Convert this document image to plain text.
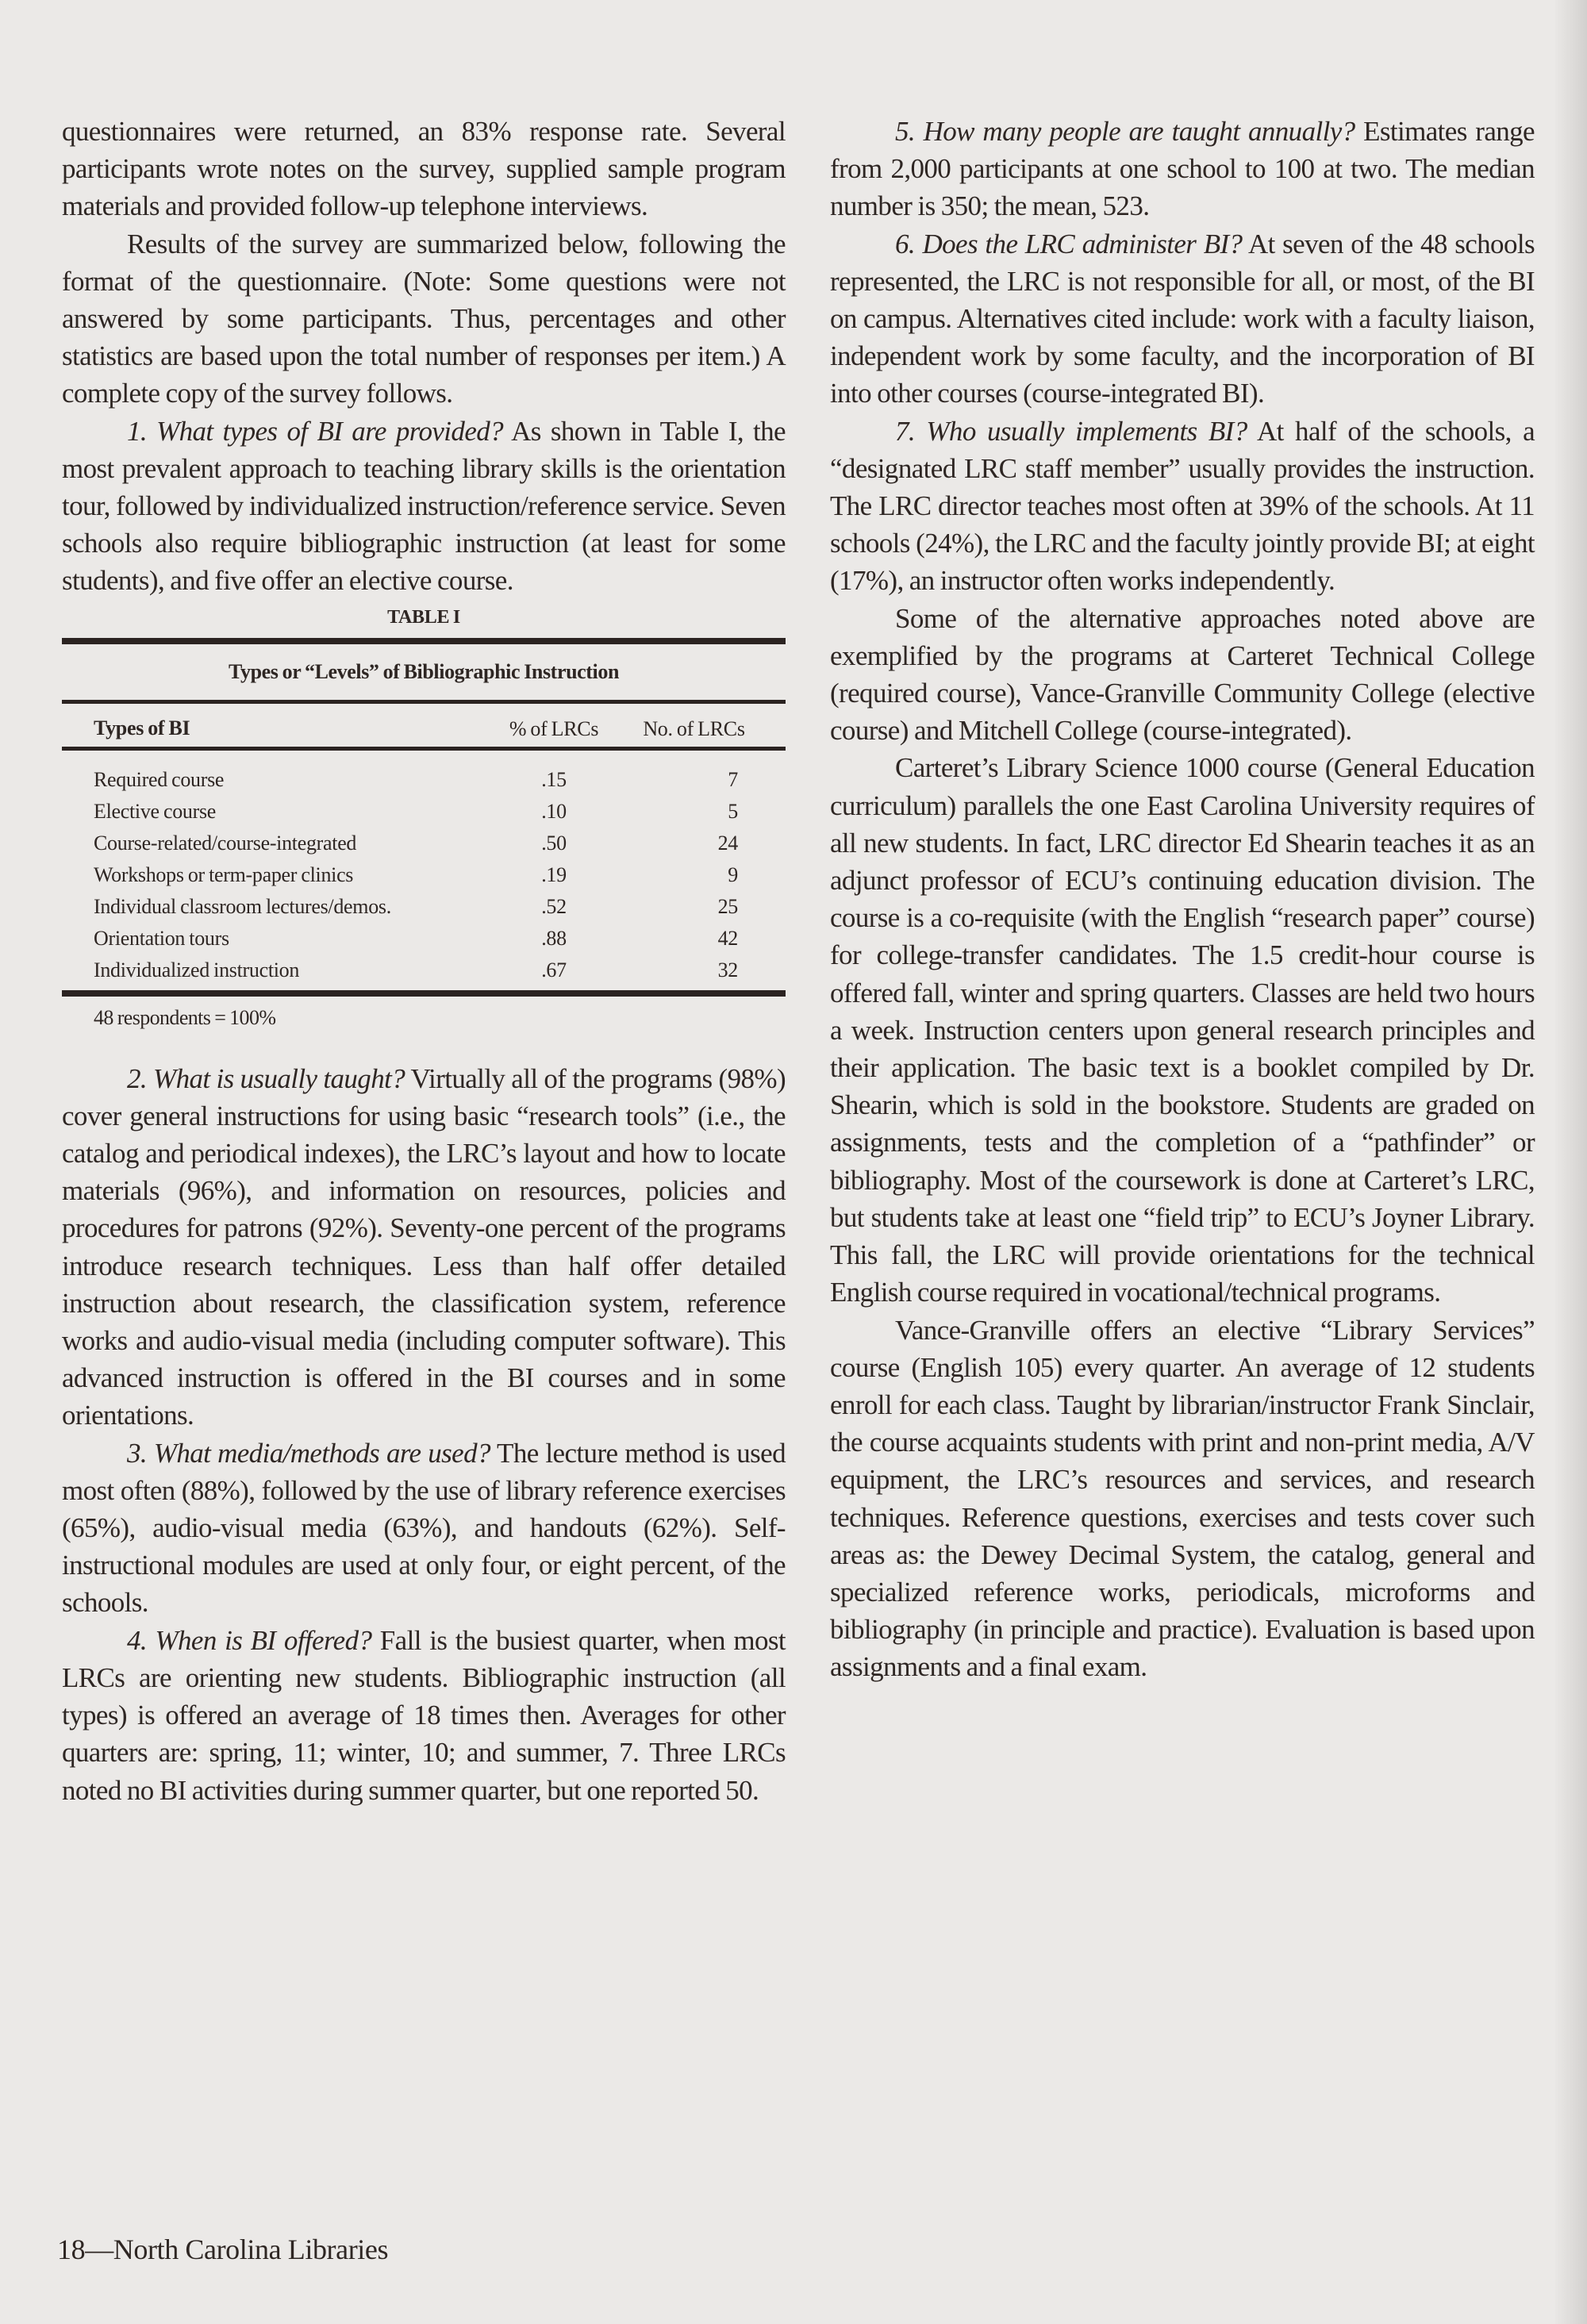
questionnaires were returned, an 83% response rate. Several participants wrote notes on the survey, supplied sample program materials and provided follow-up telephone interviews.

Results of the survey are summarized below, following the format of the questionnaire. (Note: Some questions were not answered by some participants. Thus, percentages and other statistics are based upon the total number of responses per item.) A complete copy of the survey follows.

1. What types of BI are provided? As shown in Table I, the most prevalent approach to teaching library skills is the orientation tour, followed by individualized instruction/reference service. Seven schools also require bibliographic instruction (at least for some students), and five offer an elective course.

TABLE I
Types or “Levels” of Bibliographic Instruction
Types of BI	% of LRCs	No. of LRCs

Required course	.15	7
Elective course	.10	5
Course-related/course-integrated	.50	24
Workshops or term-paper clinics	.19	9
Individual classroom lectures/demos.	.52	25
Orientation tours	.88	42
Individualized instruction	.67	32
48 respondents = 100%

2. What is usually taught? Virtually all of the programs (98%) cover general instructions for using basic “research tools” (i.e., the catalog and periodical indexes), the LRC’s layout and how to locate materials (96%), and information on resources, policies and procedures for patrons (92%). Seventy-one percent of the programs introduce research techniques. Less than half offer detailed instruction about research, the classification system, reference works and audio-visual media (including computer software). This advanced instruction is offered in the BI courses and in some orientations.

3. What media/methods are used? The lecture method is used most often (88%), followed by the use of library reference exercises (65%), audio-visual media (63%), and handouts (62%). Self-instructional modules are used at only four, or eight percent, of the schools.

4. When is BI offered? Fall is the busiest quarter, when most LRCs are orienting new students. Bibliographic instruction (all types) is offered an average of 18 times then. Averages for other quarters are: spring, 11; winter, 10; and summer, 7. Three LRCs noted no BI activities during summer quarter, but one reported 50.

5. How many people are taught annually? Estimates range from 2,000 participants at one school to 100 at two. The median number is 350; the mean, 523.

6. Does the LRC administer BI? At seven of the 48 schools represented, the LRC is not responsible for all, or most, of the BI on campus. Alternatives cited include: work with a faculty liaison, independent work by some faculty, and the incorporation of BI into other courses (course-integrated BI).

7. Who usually implements BI? At half of the schools, a “designated LRC staff member” usually provides the instruction. The LRC director teaches most often at 39% of the schools. At 11 schools (24%), the LRC and the faculty jointly provide BI; at eight (17%), an instructor often works independently.

Some of the alternative approaches noted above are exemplified by the programs at Carteret Technical College (required course), Vance-Granville Community College (elective course) and Mitchell College (course-integrated).

Carteret’s Library Science 1000 course (General Education curriculum) parallels the one East Carolina University requires of all new students. In fact, LRC director Ed Shearin teaches it as an adjunct professor of ECU’s continuing education division. The course is a co-requisite (with the English “research paper” course) for college-transfer candidates. The 1.5 credit-hour course is offered fall, winter and spring quarters. Classes are held two hours a week. Instruction centers upon general research principles and their application. The basic text is a booklet compiled by Dr. Shearin, which is sold in the bookstore. Students are graded on assignments, tests and the completion of a “pathfinder” or bibliography. Most of the coursework is done at Carteret’s LRC, but students take at least one “field trip” to ECU’s Joyner Library. This fall, the LRC will provide orientations for the technical English course required in vocational/technical programs.

Vance-Granville offers an elective “Library Services” course (English 105) every quarter. An average of 12 students enroll for each class. Taught by librarian/instructor Frank Sinclair, the course acquaints students with print and non-print media, A/V equipment, the LRC’s resources and services, and research techniques. Reference questions, exercises and tests cover such areas as: the Dewey Decimal System, the catalog, general and specialized reference works, periodicals, microforms and bibliography (in principle and practice). Evaluation is based upon assignments and a final exam.

18—North Carolina Libraries
